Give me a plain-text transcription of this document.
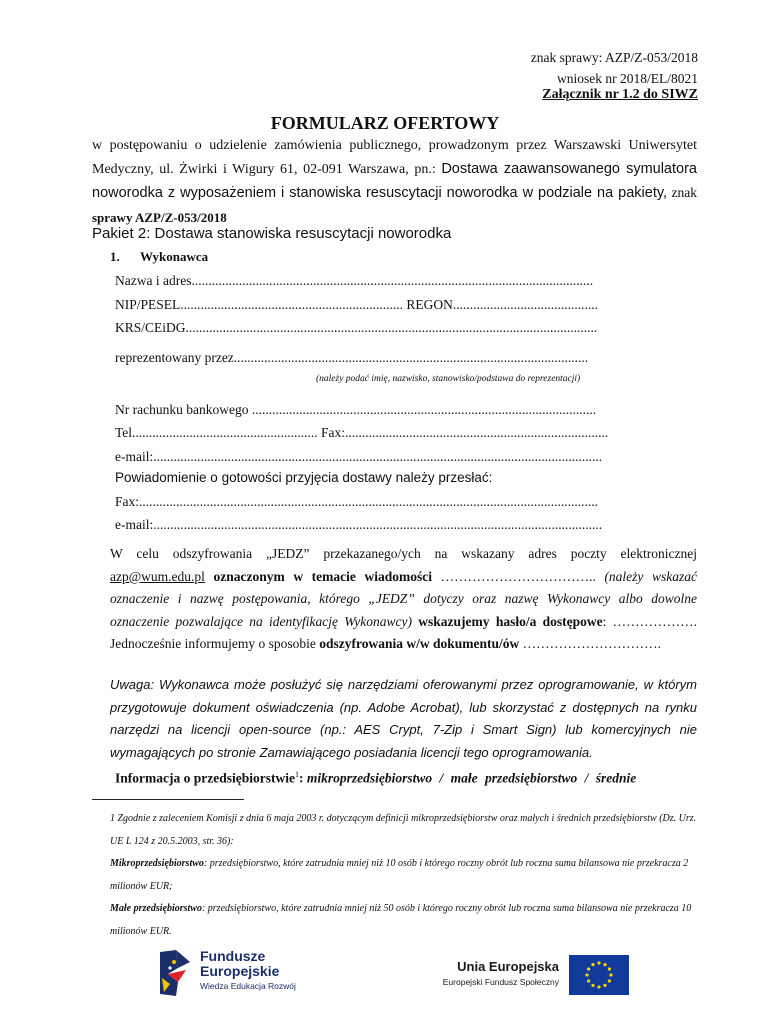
znak sprawy: AZP/Z-053/2018
wniosek nr 2018/EL/8021
Załącznik nr 1.2 do SIWZ
FORMULARZ OFERTOWY
w postępowaniu o udzielenie zamówienia publicznego, prowadzonym przez Warszawski Uniwersytet Medyczny, ul. Żwirki i Wigury 61, 02-091 Warszawa, pn.: Dostawa zaawansowanego symulatora noworodka z wyposażeniem i stanowiska resuscytacji noworodka w podziale na pakiety, znak sprawy AZP/Z-053/2018
Pakiet 2: Dostawa stanowiska resuscytacji noworodka
1. Wykonawca
Nazwa i adres.......................................................................................................................
NIP/PESEL.................................................................. REGON...........................................
KRS/CEiDG..........................................................................................................................
reprezentowany przez.........................................................................................................
(należy podać imię, nazwisko, stanowisko/podstawa do reprezentacji)
Nr rachunku bankowego ......................................................................................................
Tel....................................................... Fax:..............................................................................
e-mail:.....................................................................................................................................
Powiadomienie o gotowości przyjęcia dostawy należy przesłać:
Fax:........................................................................................................................................
e-mail:.....................................................................................................................................
W celu odszyfrowania „JEDZ” przekazanego/ych na wskazany adres poczty elektronicznej azp@wum.edu.pl oznaczonym w temacie wiadomości …………………………….. (należy wskazać oznaczenie i nazwę postępowania, którego „JEDZ” dotyczy oraz nazwę Wykonawcy albo dowolne oznaczenie pozwalające na identyfikację Wykonawcy) wskazujemy hasło/a dostępowe: ………………. Jednocześnie informujemy o sposobie odszyfrowania w/w dokumentu/ów ………………………….
Uwaga: Wykonawca może posłużyć się narzędziami oferowanymi przez oprogramowanie, w którym przygotowuje dokument oświadczenia (np. Adobe Acrobat), lub skorzystać z dostępnych na rynku narzędzi na licencji open-source (np.: AES Crypt, 7-Zip i Smart Sign) lub komercyjnych nie wymagających po stronie Zamawiającego posiadania licencji tego oprogramowania.
Informacja o przedsiębiorstwie$^1$: mikroprzedsiębiorstwo / małe przedsiębiorstwo / średnie
1 Zgodnie z zaleceniem Komisji z dnia 6 maja 2003 r. dotyczącym definicji mikroprzedsiębiorstw oraz małych i średnich przedsiębiorstw (Dz. Urz. UE L 124 z 20.5.2003, str. 36):
Mikroprzedsiębiorstwo: przedsiębiorstwo, które zatrudnia mniej niż 10 osób i którego roczny obrót lub roczna suma bilansowa nie przekracza 2 milionów EUR;
Małe przedsiębiorstwo: przedsiębiorstwo, które zatrudnia mniej niż 50 osób i którego roczny obrót lub roczna suma bilansowa nie przekracza 10 milionów EUR.
Fundusze
Europejskie
Wiedza Edukacja Rozwój
Unia Europejska
Europejski Fundusz Społeczny
